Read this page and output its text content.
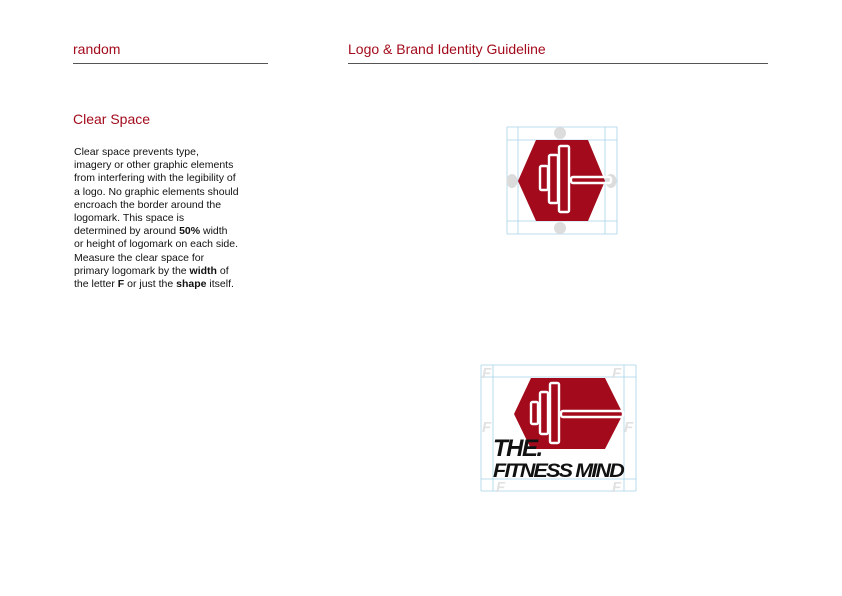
random	Logo & Brand Identity Guideline
Clear Space
Clear space prevents type, imagery or other graphic elements from interfering with the legibility of a logo. No graphic elements should encroach the border around the logomark. This space is determined by around 50% width or height of logomark on each side. Measure the clear space for primary logomark by the width of the letter F or just the shape itself.
F	F
F	F
F	F
THE.
FITNESS MIND
